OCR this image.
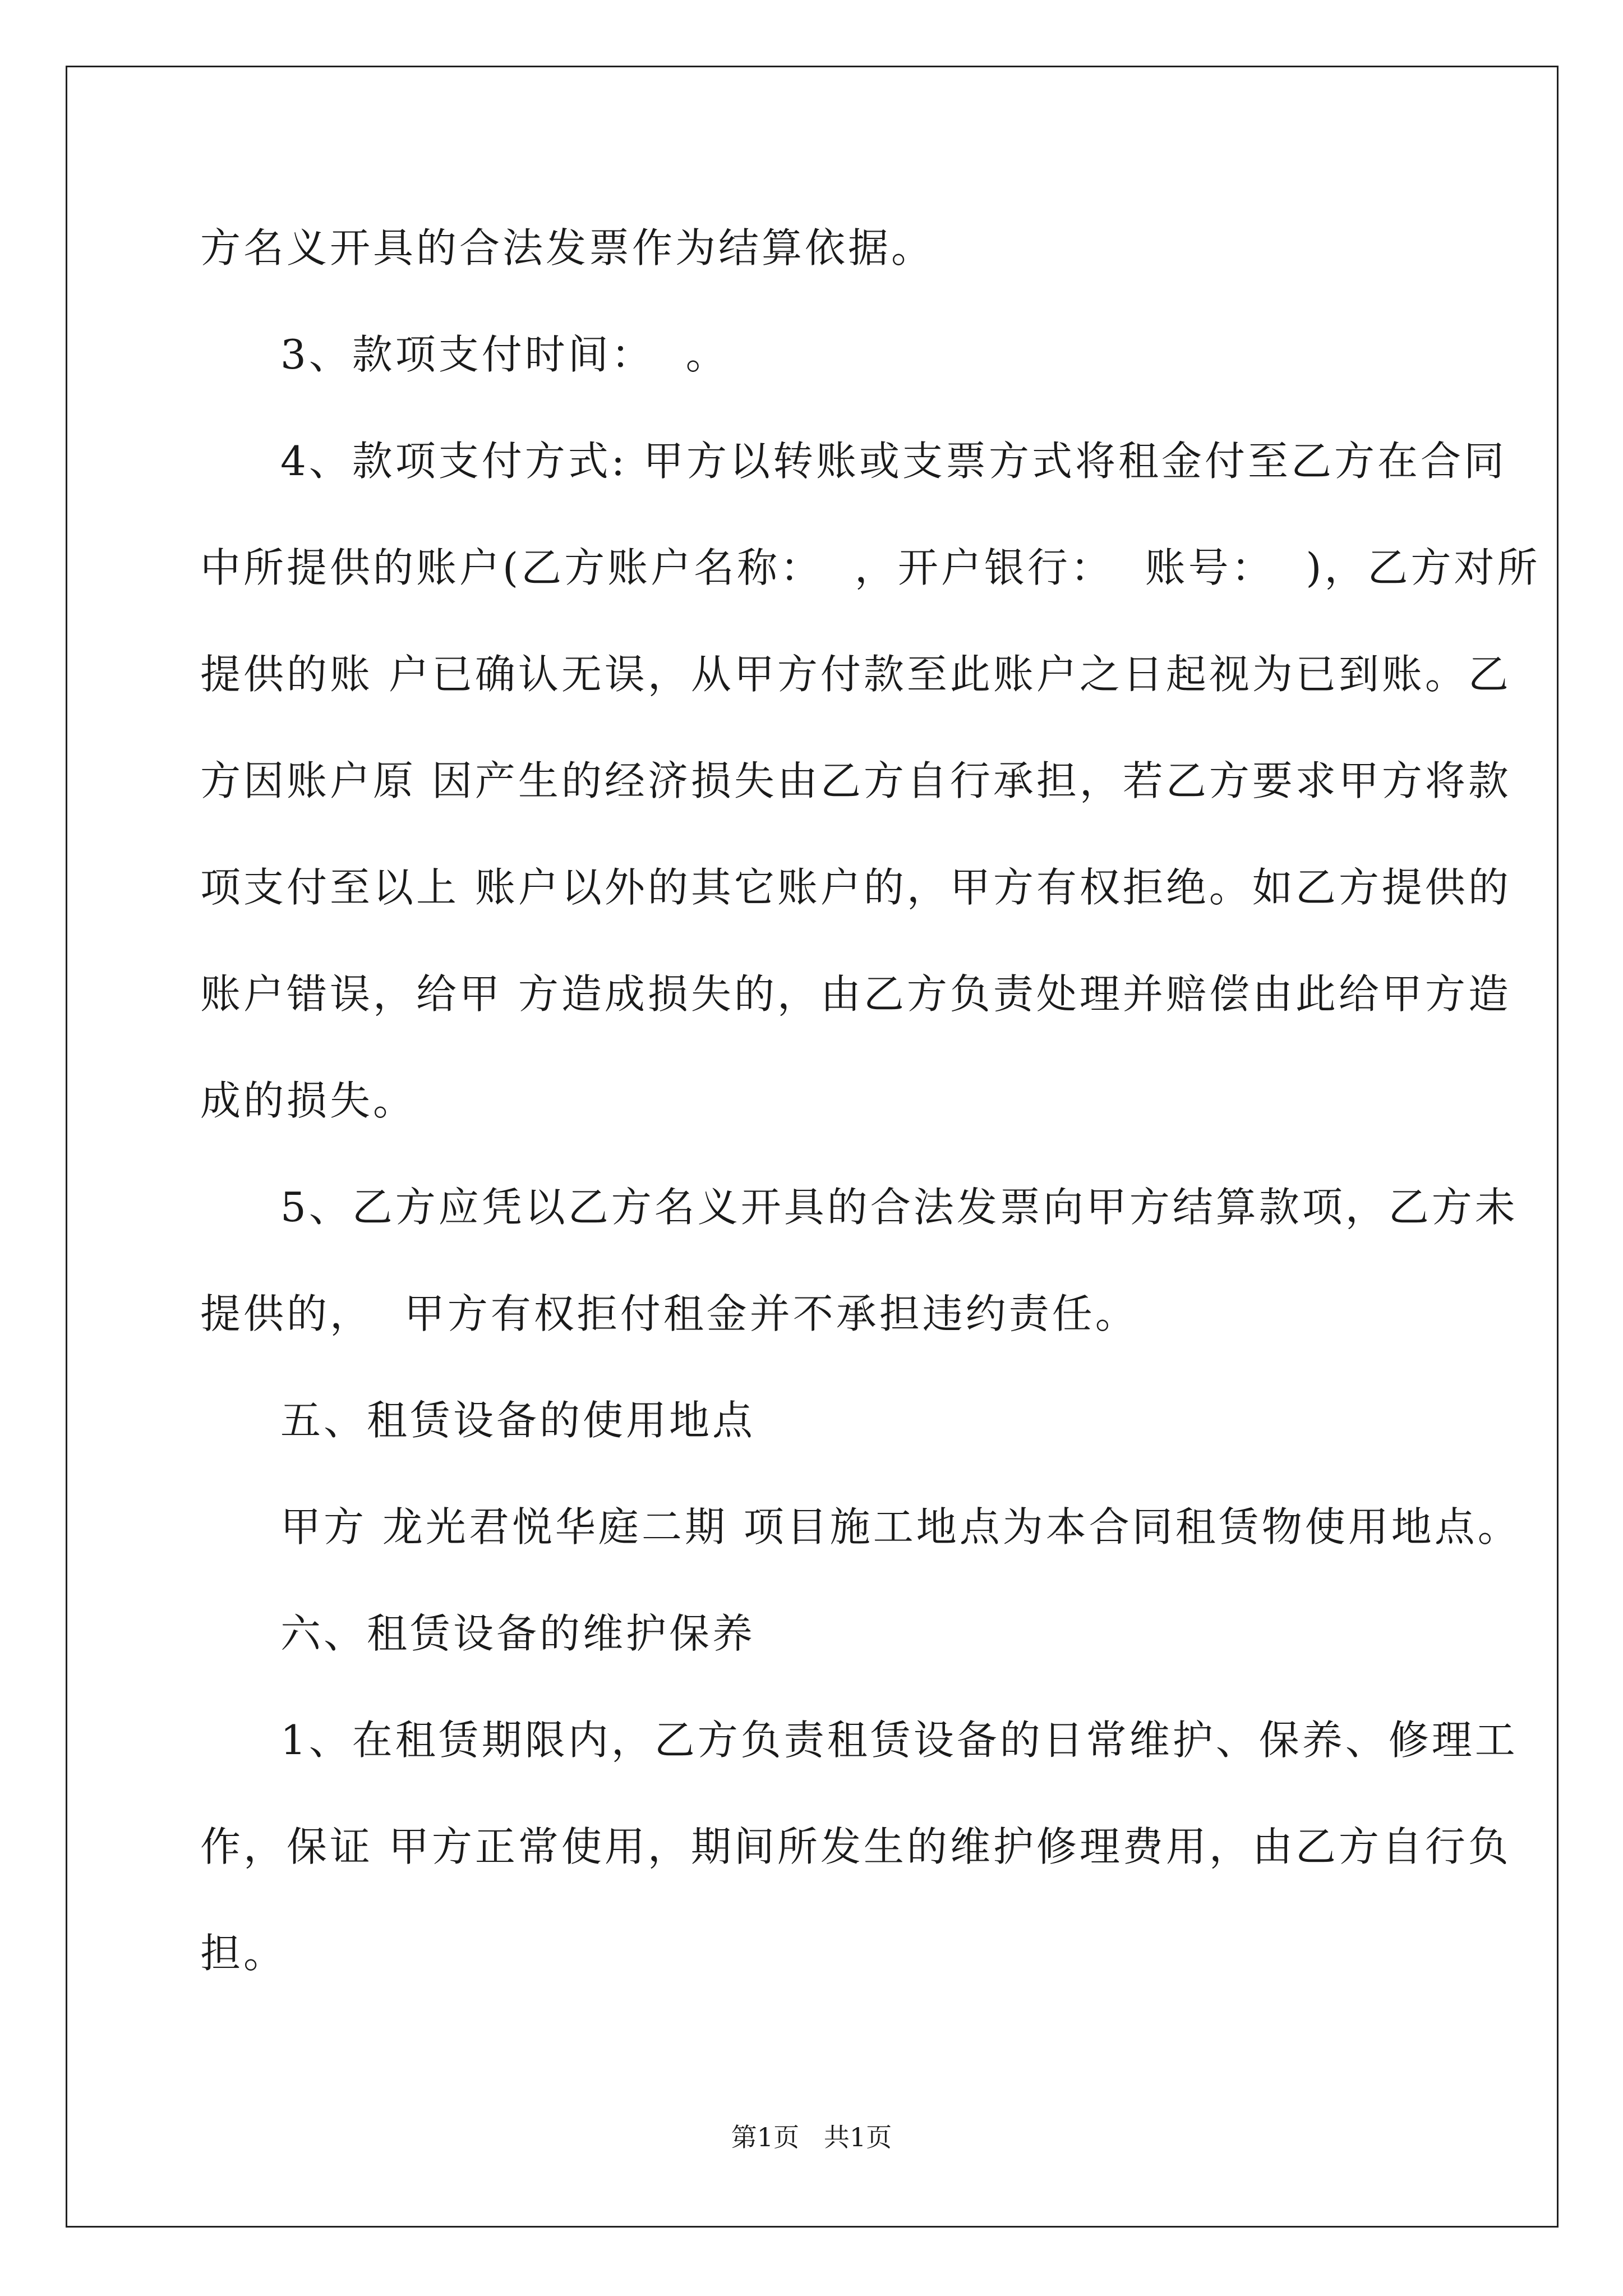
方名义开具的合法发票作为结算依据。
3、款项支付时间：  。
4、款项支付方式: 甲方以转账或支票方式将租金付至乙方在合同
中所提供的账户(乙方账户名称：  ，开户银行：  账号：  )，乙方对所
提供的账 户已确认无误，从甲方付款至此账户之日起视为已到账。乙
方因账户原 因产生的经济损失由乙方自行承担，若乙方要求甲方将款
项支付至以上 账户以外的其它账户的，甲方有权拒绝。如乙方提供的
账户错误，给甲 方造成损失的，由乙方负责处理并赔偿由此给甲方造
成的损失。
5、乙方应凭以乙方名义开具的合法发票向甲方结算款项，乙方未
提供的，  甲方有权拒付租金并不承担违约责任。
五、租赁设备的使用地点
甲方 龙光君悦华庭二期 项目施工地点为本合同租赁物使用地点。
六、租赁设备的维护保养
1、在租赁期限内，乙方负责租赁设备的日常维护、保养、修理工
作，保证 甲方正常使用，期间所发生的维护修理费用，由乙方自行负
担。
第1页   共1页
